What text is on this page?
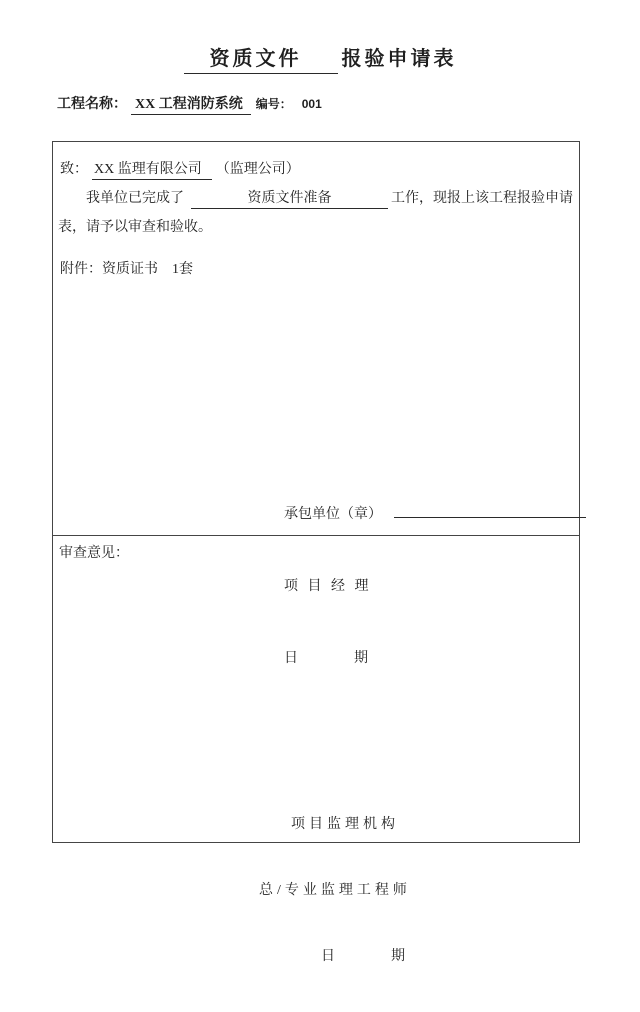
资质文件 报验申请表
工程名称： XX 工程消防系统 编号： 001
致： XX 监理有限公司 （监理公司）
我单位已完成了	资质文件准备	工作，现报上该工程报验申请
表，请予以审查和验收。
附件：资质证书　1套

承包单位（章）

项 目 经 理

日　　　　期

审查意见：

项目监理机构

总/专业监理工程师

日　　　　期
